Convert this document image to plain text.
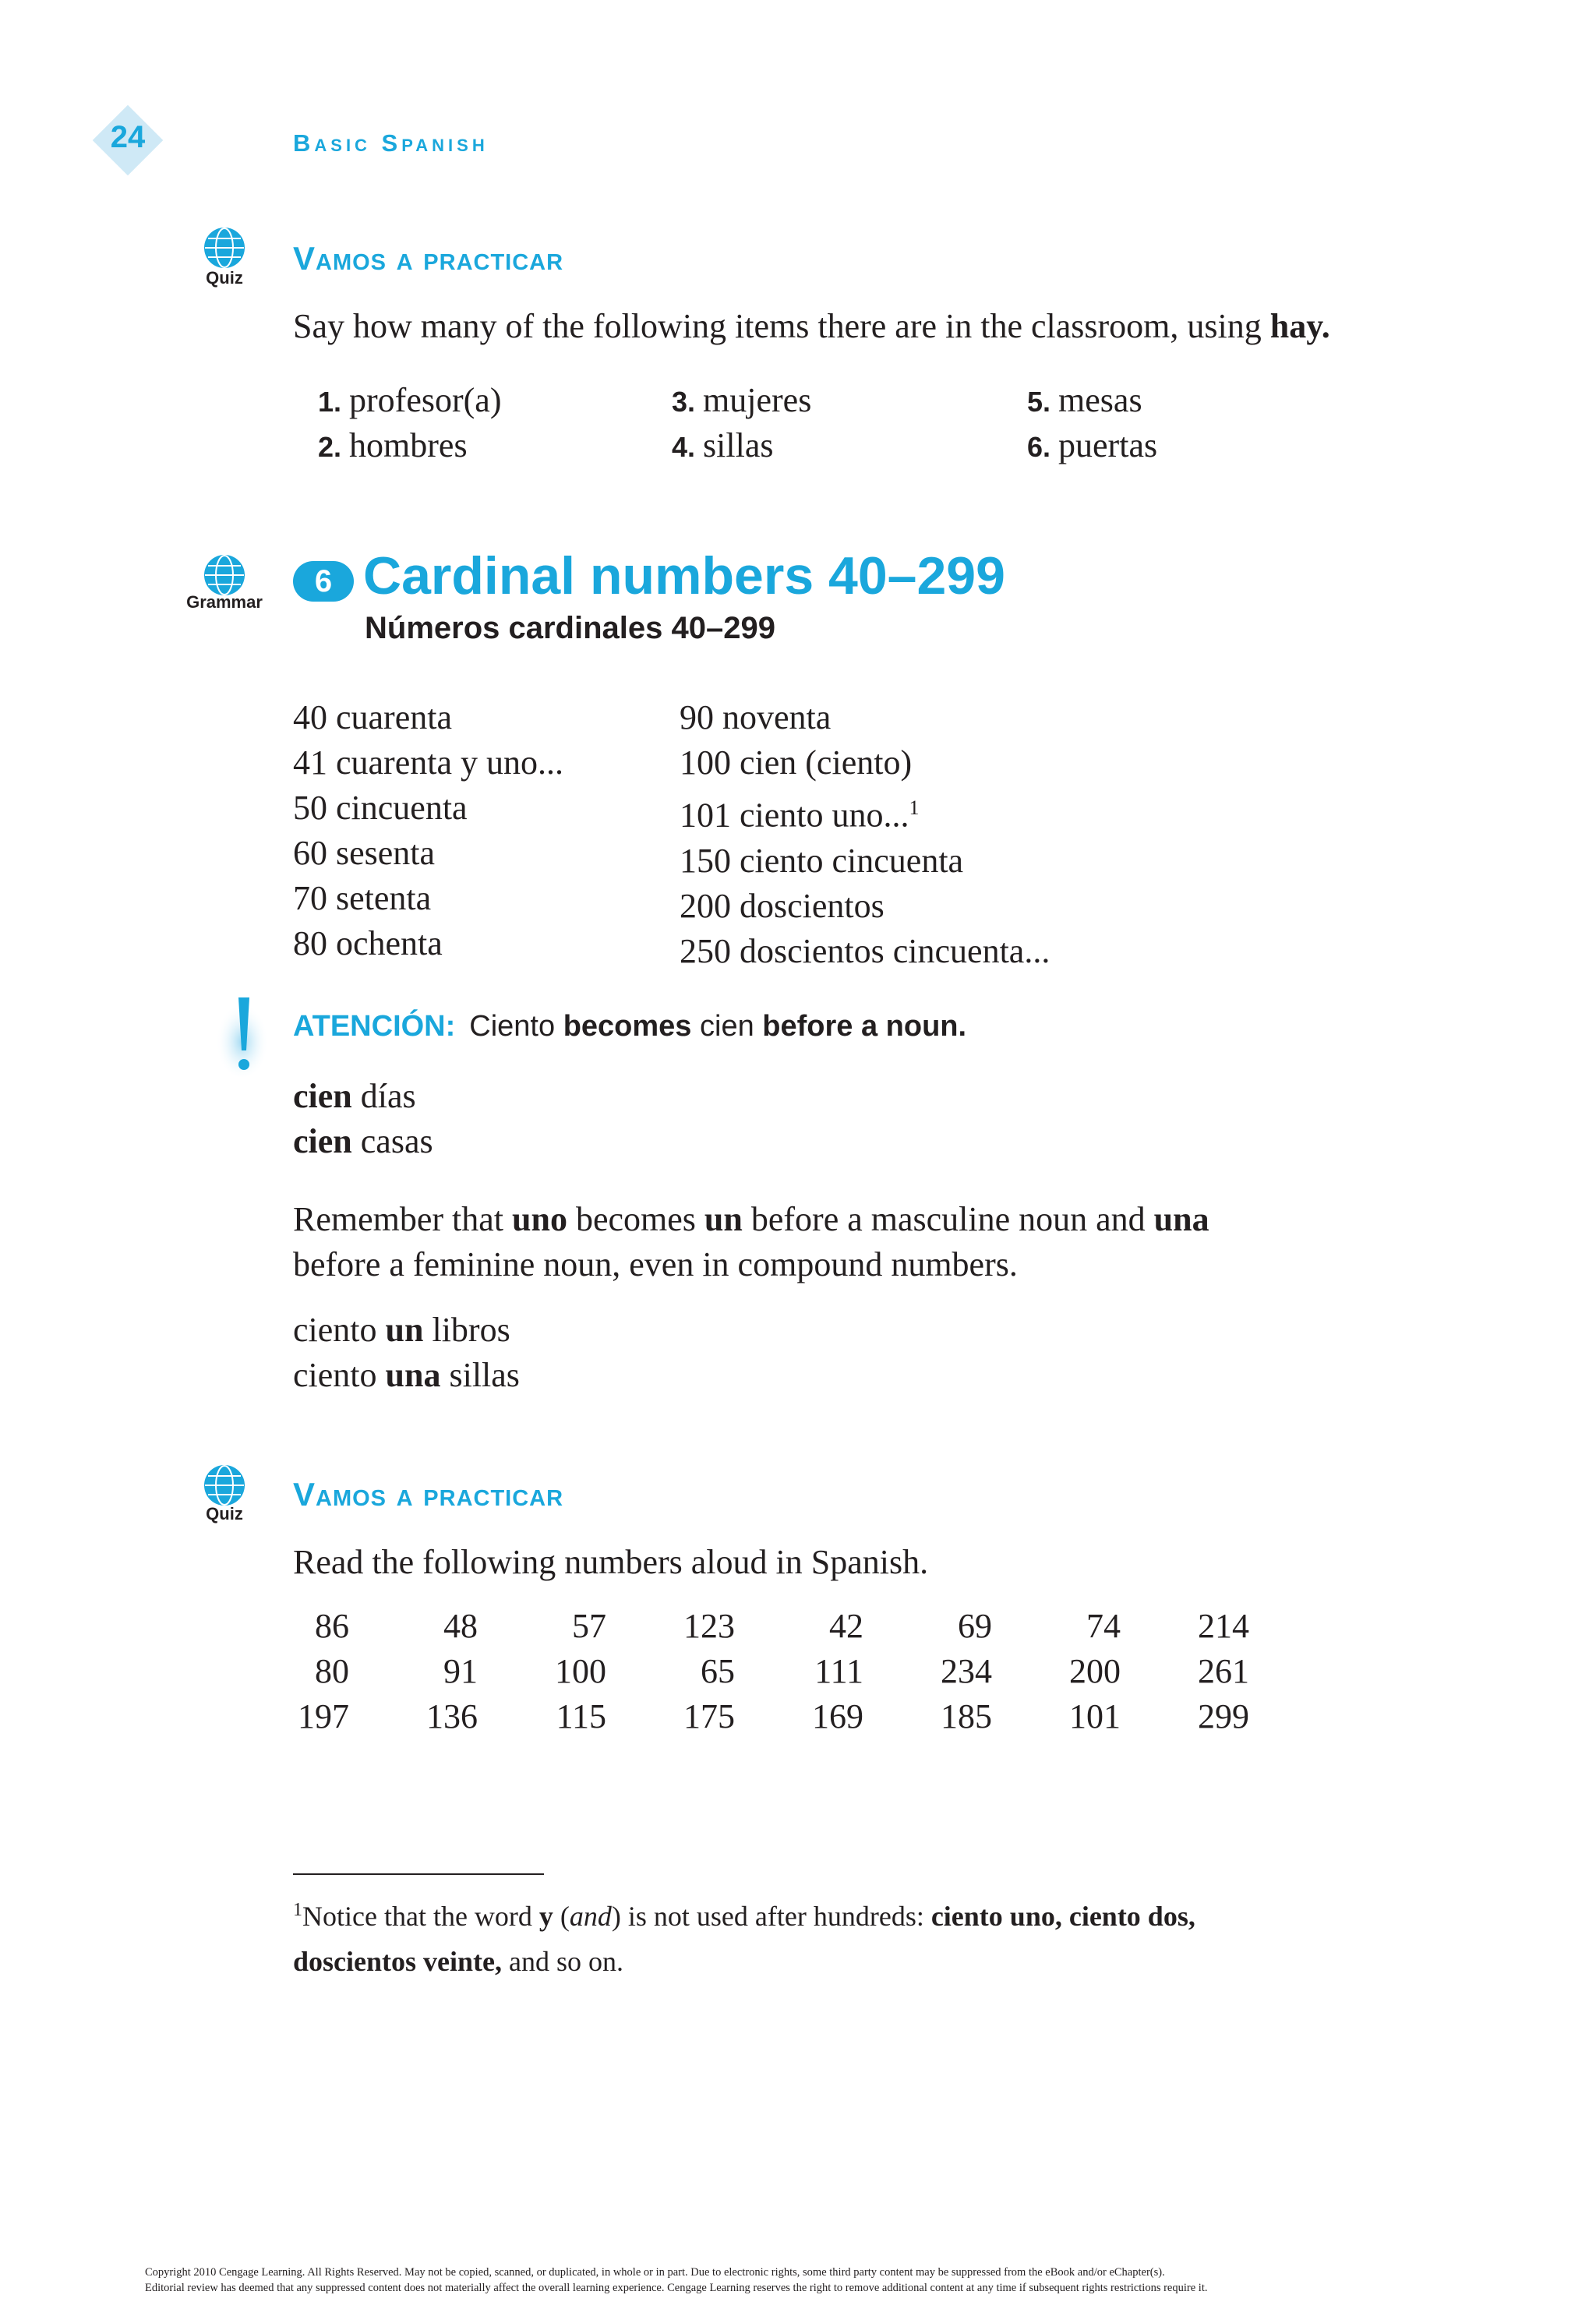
24	Basic Spanish
Quiz
Vamos a practicar
Say how many of the following items there are in the classroom, using hay.
1. profesor(a)
2. hombres
3. mujeres
4. sillas
5. mesas
6. puertas
Grammar
6 Cardinal numbers 40–299
Números cardinales 40–299
40 cuarenta
41 cuarenta y uno...
50 cincuenta
60 sesenta
70 setenta
80 ochenta
90 noventa
100 cien (ciento)
101 ciento uno...$^1$
150 ciento cincuenta
200 doscientos
250 doscientos cincuenta...
ATENCIÓN: Ciento becomes cien before a noun.
cien días
cien casas
Remember that uno becomes un before a masculine noun and una
before a feminine noun, even in compound numbers.
ciento un libros
ciento una sillas
Quiz
Vamos a practicar
Read the following numbers aloud in Spanish.
86	48	57	123	42	69	74	214
80	91	100	65	111	234	200	261
197	136	115	175	169	185	101	299
$^1$Notice that the word y (and) is not used after hundreds: ciento uno, ciento dos,
doscientos veinte, and so on.
Copyright 2010 Cengage Learning. All Rights Reserved. May not be copied, scanned, or duplicated, in whole or in part. Due to electronic rights, some third party content may be suppressed from the eBook and/or eChapter(s).
Editorial review has deemed that any suppressed content does not materially affect the overall learning experience. Cengage Learning reserves the right to remove additional content at any time if subsequent rights restrictions require it.
